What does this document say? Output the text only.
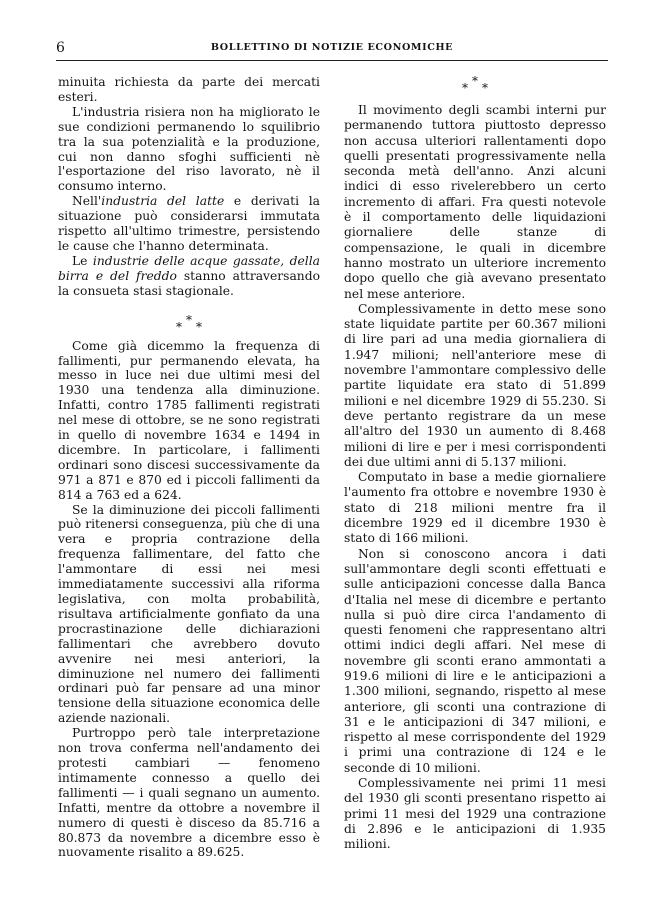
6	BOLLETTINO DI NOTIZIE ECONOMICHE

minuita richiesta da parte dei mercati esteri.

L'industria risiera non ha migliorato le sue condizioni permanendo lo squilibrio tra la sua potenzialità e la produzione, cui non danno sfoghi sufficienti nè l'esportazione del riso lavorato, nè il consumo interno.

Nell'industria del latte e derivati la situazione può considerarsi immutata rispetto all'ultimo trimestre, persistendo le cause che l'hanno determinata.

Le industrie delle acque gassate, della birra e del freddo stanno attraversando la consueta stasi stagionale.

* * *

Come già dicemmo la frequenza di fallimenti, pur permanendo elevata, ha messo in luce nei due ultimi mesi del 1930 una tendenza alla diminuzione. Infatti, contro 1785 fallimenti registrati nel mese di ottobre, se ne sono registrati in quello di novembre 1634 e 1494 in dicembre. In particolare, i fallimenti ordinari sono discesi successivamente da 971 a 871 e 870 ed i piccoli fallimenti da 814 a 763 ed a 624.

Se la diminuzione dei piccoli fallimenti può ritenersi conseguenza, più che di una vera e propria contrazione della frequenza fallimentare, del fatto che l'ammontare di essi nei mesi immediatamente successivi alla riforma legislativa, con molta probabilità, risultava artificialmente gonfiato da una procrastinazione delle dichiarazioni fallimentari che avrebbero dovuto avvenire nei mesi anteriori, la diminuzione nel numero dei fallimenti ordinari può far pensare ad una minor tensione della situazione economica delle aziende nazionali.

Purtroppo però tale interpretazione non trova conferma nell'andamento dei protesti cambiari — fenomeno intimamente connesso a quello dei fallimenti — i quali segnano un aumento. Infatti, mentre da ottobre a novembre il numero di questi è disceso da 85.716 a 80.873 da novembre a dicembre esso è nuovamente risalito a 89.625.

* * *

Il movimento degli scambi interni pur permanendo tuttora piuttosto depresso non accusa ulteriori rallentamenti dopo quelli presentati progressivamente nella seconda metà dell'anno. Anzi alcuni indici di esso rivelerebbero un certo incremento di affari. Fra questi notevole è il comportamento delle liquidazioni giornaliere delle stanze di compensazione, le quali in dicembre hanno mostrato un ulteriore incremento dopo quello che già avevano presentato nel mese anteriore.

Complessivamente in detto mese sono state liquidate partite per 60.367 milioni di lire pari ad una media giornaliera di 1.947 milioni; nell'anteriore mese di novembre l'ammontare complessivo delle partite liquidate era stato di 51.899 milioni e nel dicembre 1929 di 55.230. Si deve pertanto registrare da un mese all'altro del 1930 un aumento di 8.468 milioni di lire e per i mesi corrispondenti dei due ultimi anni di 5.137 milioni.

Computato in base a medie giornaliere l'aumento fra ottobre e novembre 1930 è stato di 218 milioni mentre fra il dicembre 1929 ed il dicembre 1930 è stato di 166 milioni.

Non si conoscono ancora i dati sull'ammontare degli sconti effettuati e sulle anticipazioni concesse dalla Banca d'Italia nel mese di dicembre e pertanto nulla si può dire circa l'andamento di questi fenomeni che rappresentano altri ottimi indici degli affari. Nel mese di novembre gli sconti erano ammontati a 919.6 milioni di lire e le anticipazioni a 1.300 milioni, segnando, rispetto al mese anteriore, gli sconti una contrazione di 31 e le anticipazioni di 347 milioni, e rispetto al mese corrispondente del 1929 i primi una contrazione di 124 e le seconde di 10 milioni.

Complessivamente nei primi 11 mesi del 1930 gli sconti presentano rispetto ai primi 11 mesi del 1929 una contrazione di 2.896 e le anticipazioni di 1.935 milioni.
